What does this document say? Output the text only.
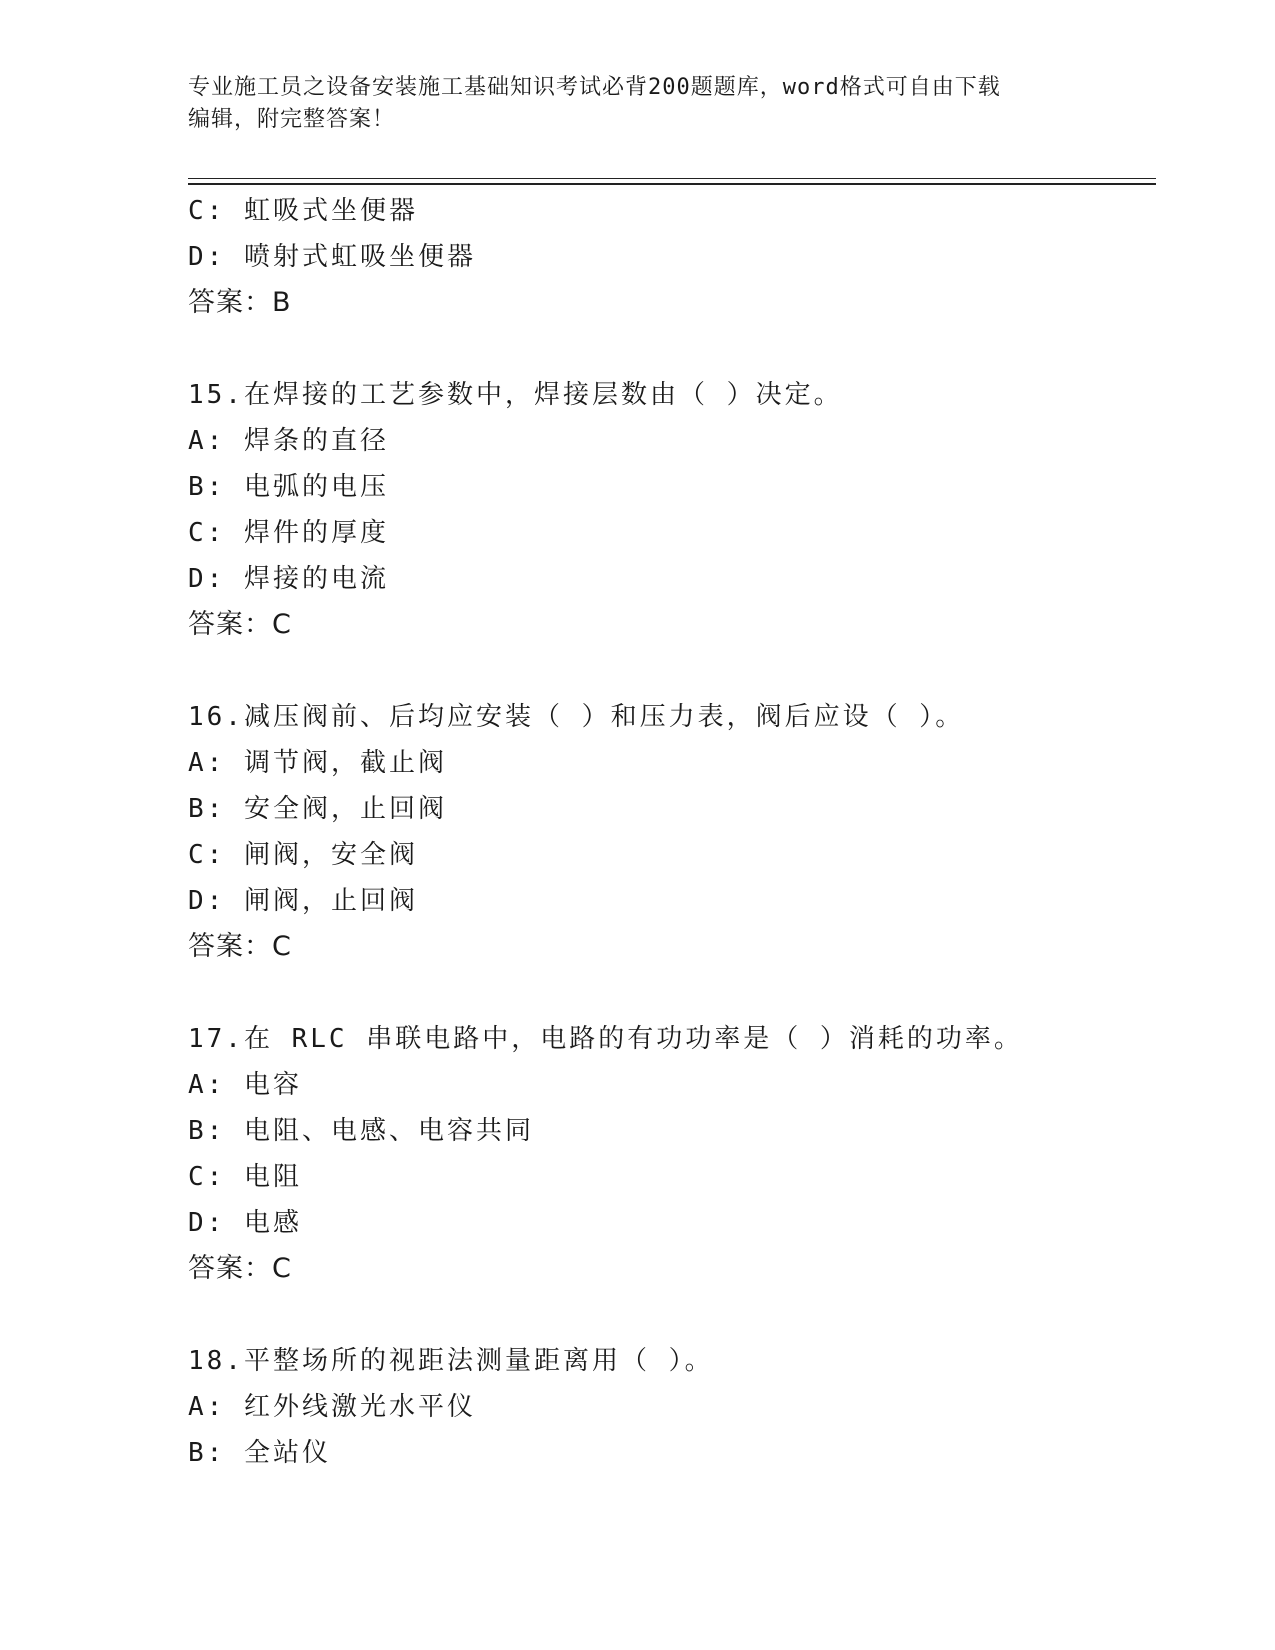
专业施工员之设备安装施工基础知识考试必背200题题库，word格式可自由下载
编辑，附完整答案！
C: 虹吸式坐便器
D: 喷射式虹吸坐便器
答案：B
15.在焊接的工艺参数中，焊接层数由（ ）决定。
A: 焊条的直径
B: 电弧的电压
C: 焊件的厚度
D: 焊接的电流
答案：C
16.减压阀前、后均应安装（ ）和压力表，阀后应设（ ）。
A: 调节阀，截止阀
B: 安全阀，止回阀
C: 闸阀，安全阀
D: 闸阀，止回阀
答案：C
17.在 RLC 串联电路中，电路的有功功率是（ ）消耗的功率。
A: 电容
B: 电阻、电感、电容共同
C: 电阻
D: 电感
答案：C
18.平整场所的视距法测量距离用（ ）。
A: 红外线激光水平仪
B: 全站仪
